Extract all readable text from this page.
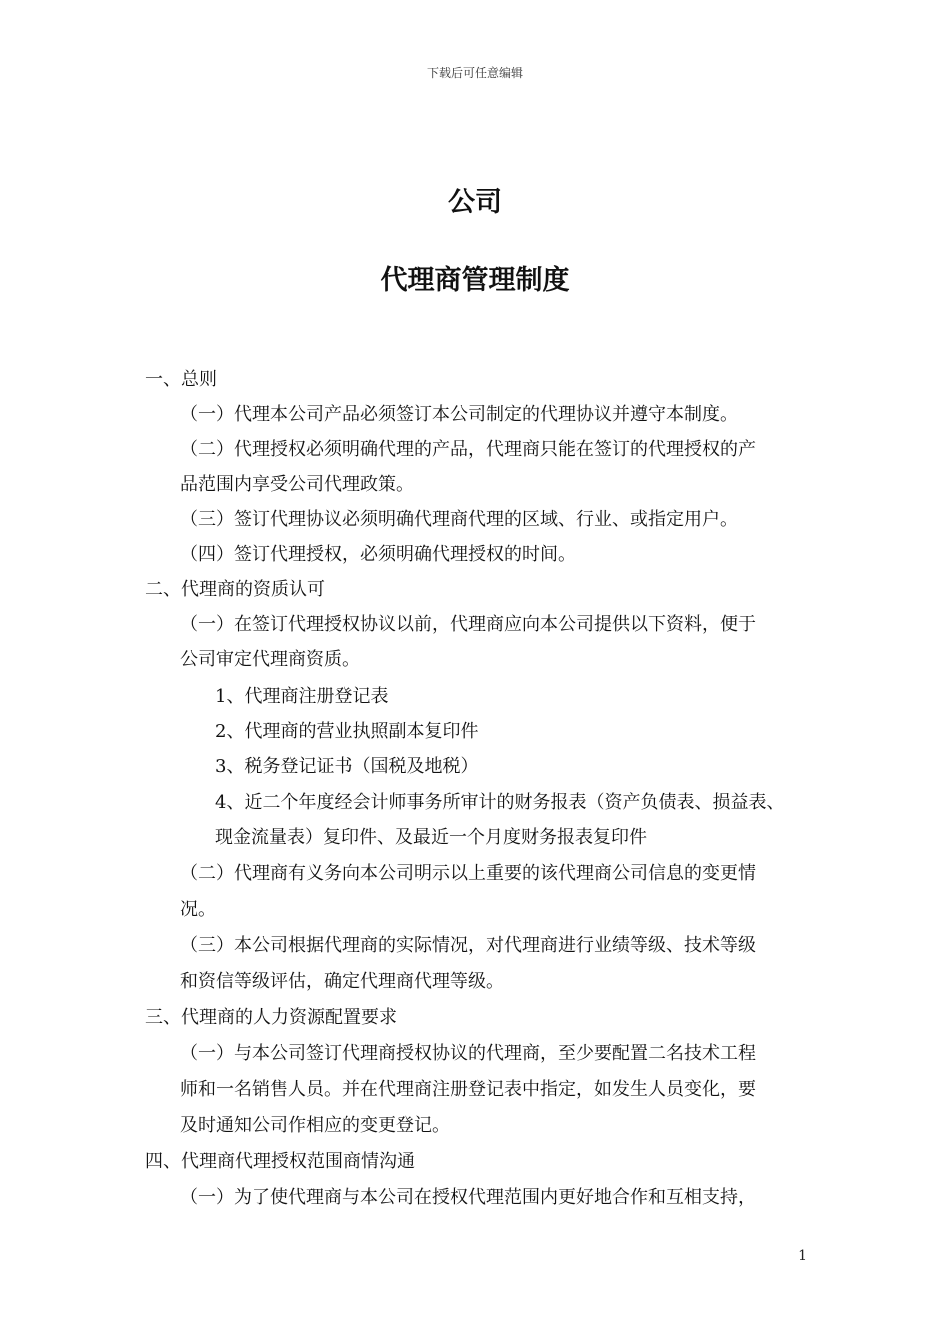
下载后可任意编辑
公司
代理商管理制度
一、总则
（一）代理本公司产品必须签订本公司制定的代理协议并遵守本制度。
（二）代理授权必须明确代理的产品，代理商只能在签订的代理授权的产
品范围内享受公司代理政策。
（三）签订代理协议必须明确代理商代理的区域、行业、或指定用户。
（四）签订代理授权，必须明确代理授权的时间。
二、代理商的资质认可
（一）在签订代理授权协议以前，代理商应向本公司提供以下资料，便于
公司审定代理商资质。
1、代理商注册登记表
2、代理商的营业执照副本复印件
3、税务登记证书（国税及地税）
4、近二个年度经会计师事务所审计的财务报表（资产负债表、损益表、
现金流量表）复印件、及最近一个月度财务报表复印件
（二）代理商有义务向本公司明示以上重要的该代理商公司信息的变更情
况。
（三）本公司根据代理商的实际情况，对代理商进行业绩等级、技术等级
和资信等级评估，确定代理商代理等级。
三、代理商的人力资源配置要求
（一）与本公司签订代理商授权协议的代理商，至少要配置二名技术工程
师和一名销售人员。并在代理商注册登记表中指定，如发生人员变化，要
及时通知公司作相应的变更登记。
四、代理商代理授权范围商情沟通
（一）为了使代理商与本公司在授权代理范围内更好地合作和互相支持，
1
